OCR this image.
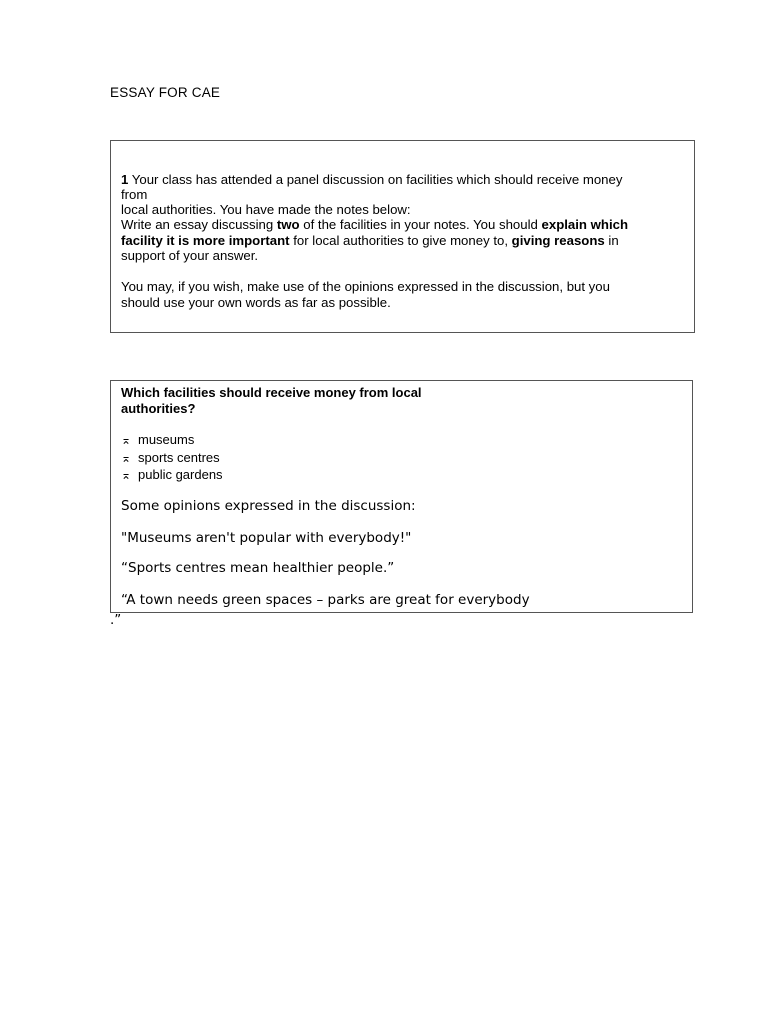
ESSAY FOR CAE
1 Your class has attended a panel discussion on facilities which should receive money
from
local authorities. You have made the notes below:
Write an essay discussing two of the facilities in your notes. You should explain which
facility it is more important for local authorities to give money to, giving reasons in
support of your answer.
You may, if you wish, make use of the opinions expressed in the discussion, but you
should use your own words as far as possible.
Which facilities should receive money from local
authorities?
⌅ museums
⌅ sports centres
⌅ public gardens
Some opinions expressed in the discussion:
"Museums aren't popular with everybody!"
“Sports centres mean healthier people.”
“A town needs green spaces – parks are great for everybody
.”
